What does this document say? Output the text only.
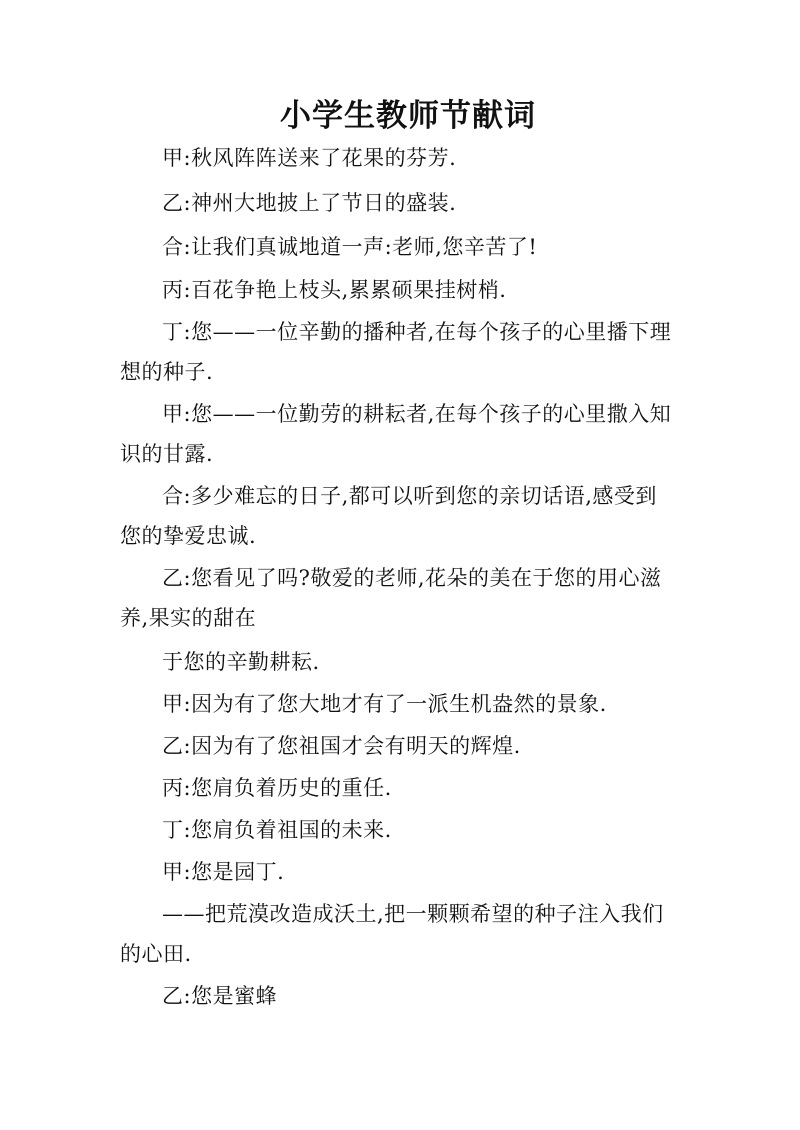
小学生教师节献词
甲:秋风阵阵送来了花果的芬芳.
乙:神州大地披上了节日的盛装.
合:让我们真诚地道一声:老师,您辛苦了!
丙:百花争艳上枝头,累累硕果挂树梢.
丁:您——一位辛勤的播种者,在每个孩子的心里播下理
想的种子.
甲:您——一位勤劳的耕耘者,在每个孩子的心里撒入知
识的甘露.
合:多少难忘的日子,都可以听到您的亲切话语,感受到
您的挚爱忠诚.
乙:您看见了吗?敬爱的老师,花朵的美在于您的用心滋
养,果实的甜在
于您的辛勤耕耘.
甲:因为有了您大地才有了一派生机盎然的景象.
乙:因为有了您祖国才会有明天的辉煌.
丙:您肩负着历史的重任.
丁:您肩负着祖国的未来.
甲:您是园丁.
——把荒漠改造成沃土,把一颗颗希望的种子注入我们
的心田.
乙:您是蜜蜂
